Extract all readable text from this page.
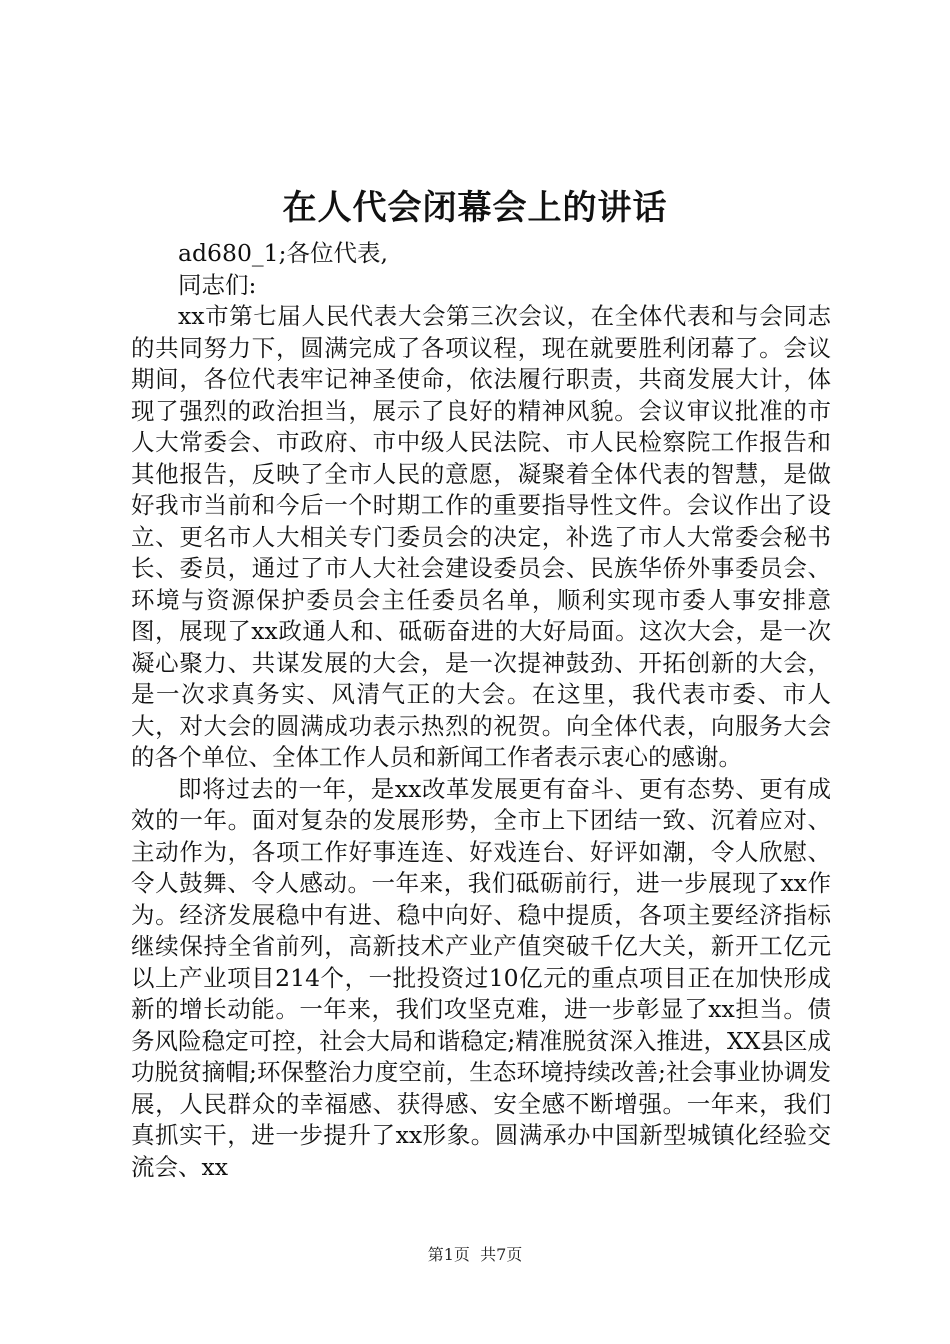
在人代会闭幕会上的讲话

ad680_1;各位代表,

同志们:

xx市第七届人民代表大会第三次会议，在全体代表和与会同志的共同努力下，圆满完成了各项议程，现在就要胜利闭幕了。会议期间，各位代表牢记神圣使命，依法履行职责，共商发展大计，体现了强烈的政治担当，展示了良好的精神风貌。会议审议批准的市人大常委会、市政府、市中级人民法院、市人民检察院工作报告和其他报告，反映了全市人民的意愿，凝聚着全体代表的智慧，是做好我市当前和今后一个时期工作的重要指导性文件。会议作出了设立、更名市人大相关专门委员会的决定，补选了市人大常委会秘书长、委员，通过了市人大社会建设委员会、民族华侨外事委员会、环境与资源保护委员会主任委员名单，顺利实现市委人事安排意图，展现了xx政通人和、砥砺奋进的大好局面。这次大会，是一次凝心聚力、共谋发展的大会，是一次提神鼓劲、开拓创新的大会，是一次求真务实、风清气正的大会。在这里，我代表市委、市人大，对大会的圆满成功表示热烈的祝贺。向全体代表，向服务大会的各个单位、全体工作人员和新闻工作者表示衷心的感谢。

即将过去的一年，是xx改革发展更有奋斗、更有态势、更有成效的一年。面对复杂的发展形势，全市上下团结一致、沉着应对、主动作为，各项工作好事连连、好戏连台、好评如潮，令人欣慰、令人鼓舞、令人感动。一年来，我们砥砺前行，进一步展现了xx作为。经济发展稳中有进、稳中向好、稳中提质，各项主要经济指标继续保持全省前列，高新技术产业产值突破千亿大关，新开工亿元以上产业项目214个，一批投资过10亿元的重点项目正在加快形成新的增长动能。一年来，我们攻坚克难，进一步彰显了xx担当。债务风险稳定可控，社会大局和谐稳定;精准脱贫深入推进，XX县区成功脱贫摘帽;环保整治力度空前，生态环境持续改善;社会事业协调发展，人民群众的幸福感、获得感、安全感不断增强。一年来，我们真抓实干，进一步提升了xx形象。圆满承办中国新型城镇化经验交流会、xx

第1页 共7页
